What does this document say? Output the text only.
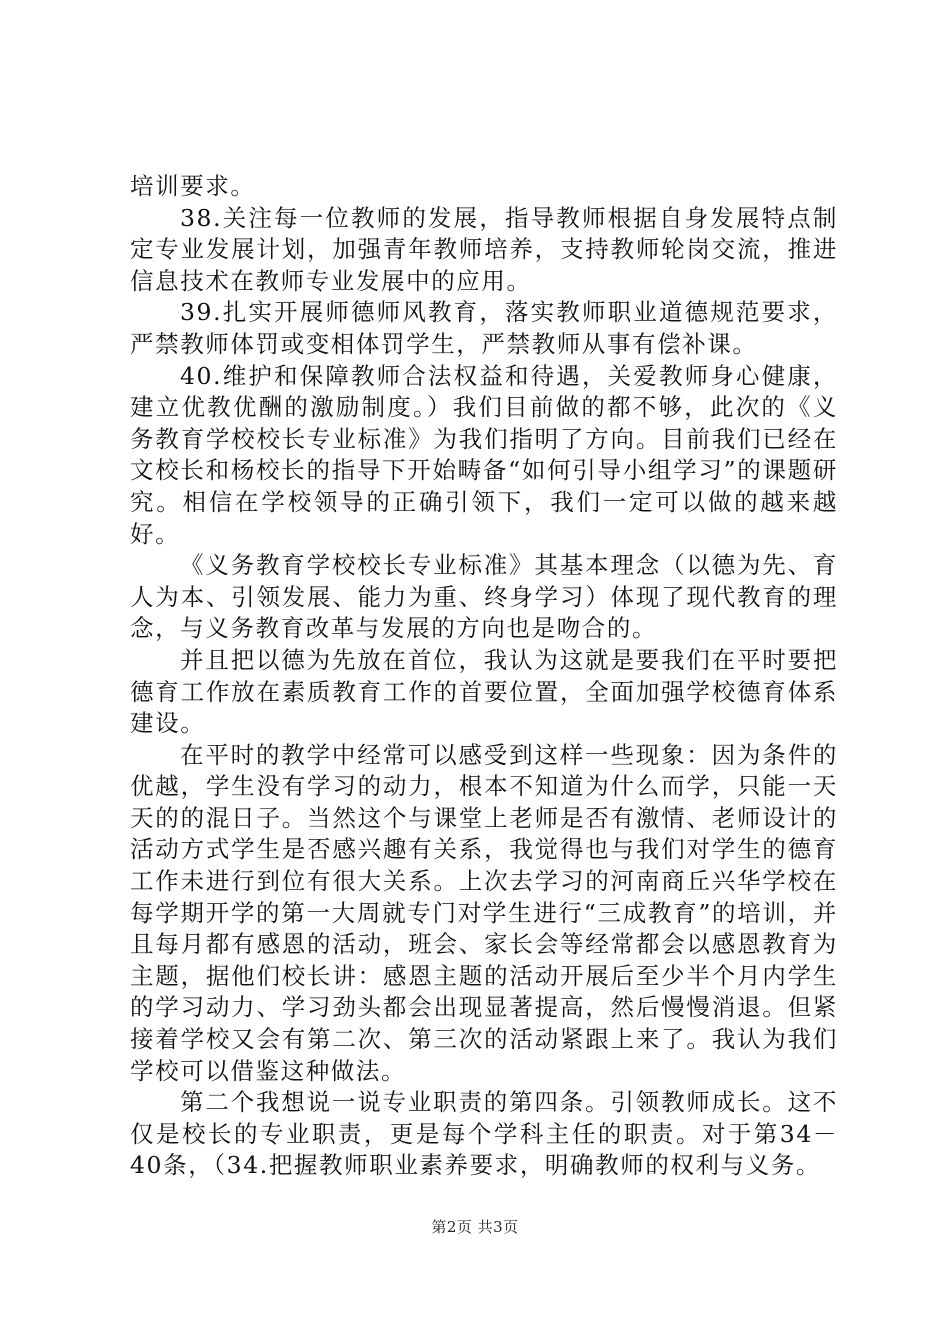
培训要求。

38.关注每一位教师的发展，指导教师根据自身发展特点制定专业发展计划，加强青年教师培养，支持教师轮岗交流，推进信息技术在教师专业发展中的应用。

39.扎实开展师德师风教育，落实教师职业道德规范要求，严禁教师体罚或变相体罚学生，严禁教师从事有偿补课。

40.维护和保障教师合法权益和待遇，关爱教师身心健康，建立优教优酬的激励制度。）我们目前做的都不够，此次的《义务教育学校校长专业标准》为我们指明了方向。目前我们已经在文校长和杨校长的指导下开始畴备“如何引导小组学习”的课题研究。相信在学校领导的正确引领下，我们一定可以做的越来越好。

《义务教育学校校长专业标准》其基本理念（以德为先、育人为本、引领发展、能力为重、终身学习）体现了现代教育的理念，与义务教育改革与发展的方向也是吻合的。

并且把以德为先放在首位，我认为这就是要我们在平时要把德育工作放在素质教育工作的首要位置，全面加强学校德育体系建设。

在平时的教学中经常可以感受到这样一些现象：因为条件的优越，学生没有学习的动力，根本不知道为什么而学，只能一天天的的混日子。当然这个与课堂上老师是否有激情、老师设计的活动方式学生是否感兴趣有关系，我觉得也与我们对学生的德育工作未进行到位有很大关系。上次去学习的河南商丘兴华学校在每学期开学的第一大周就专门对学生进行“三成教育”的培训，并且每月都有感恩的活动，班会、家长会等经常都会以感恩教育为主题，据他们校长讲：感恩主题的活动开展后至少半个月内学生的学习动力、学习劲头都会出现显著提高，然后慢慢消退。但紧接着学校又会有第二次、第三次的活动紧跟上来了。我认为我们学校可以借鉴这种做法。

第二个我想说一说专业职责的第四条。引领教师成长。这不仅是校长的专业职责，更是每个学科主任的职责。对于第34－40条，（34.把握教师职业素养要求，明确教师的权利与义务。

第2页 共3页
